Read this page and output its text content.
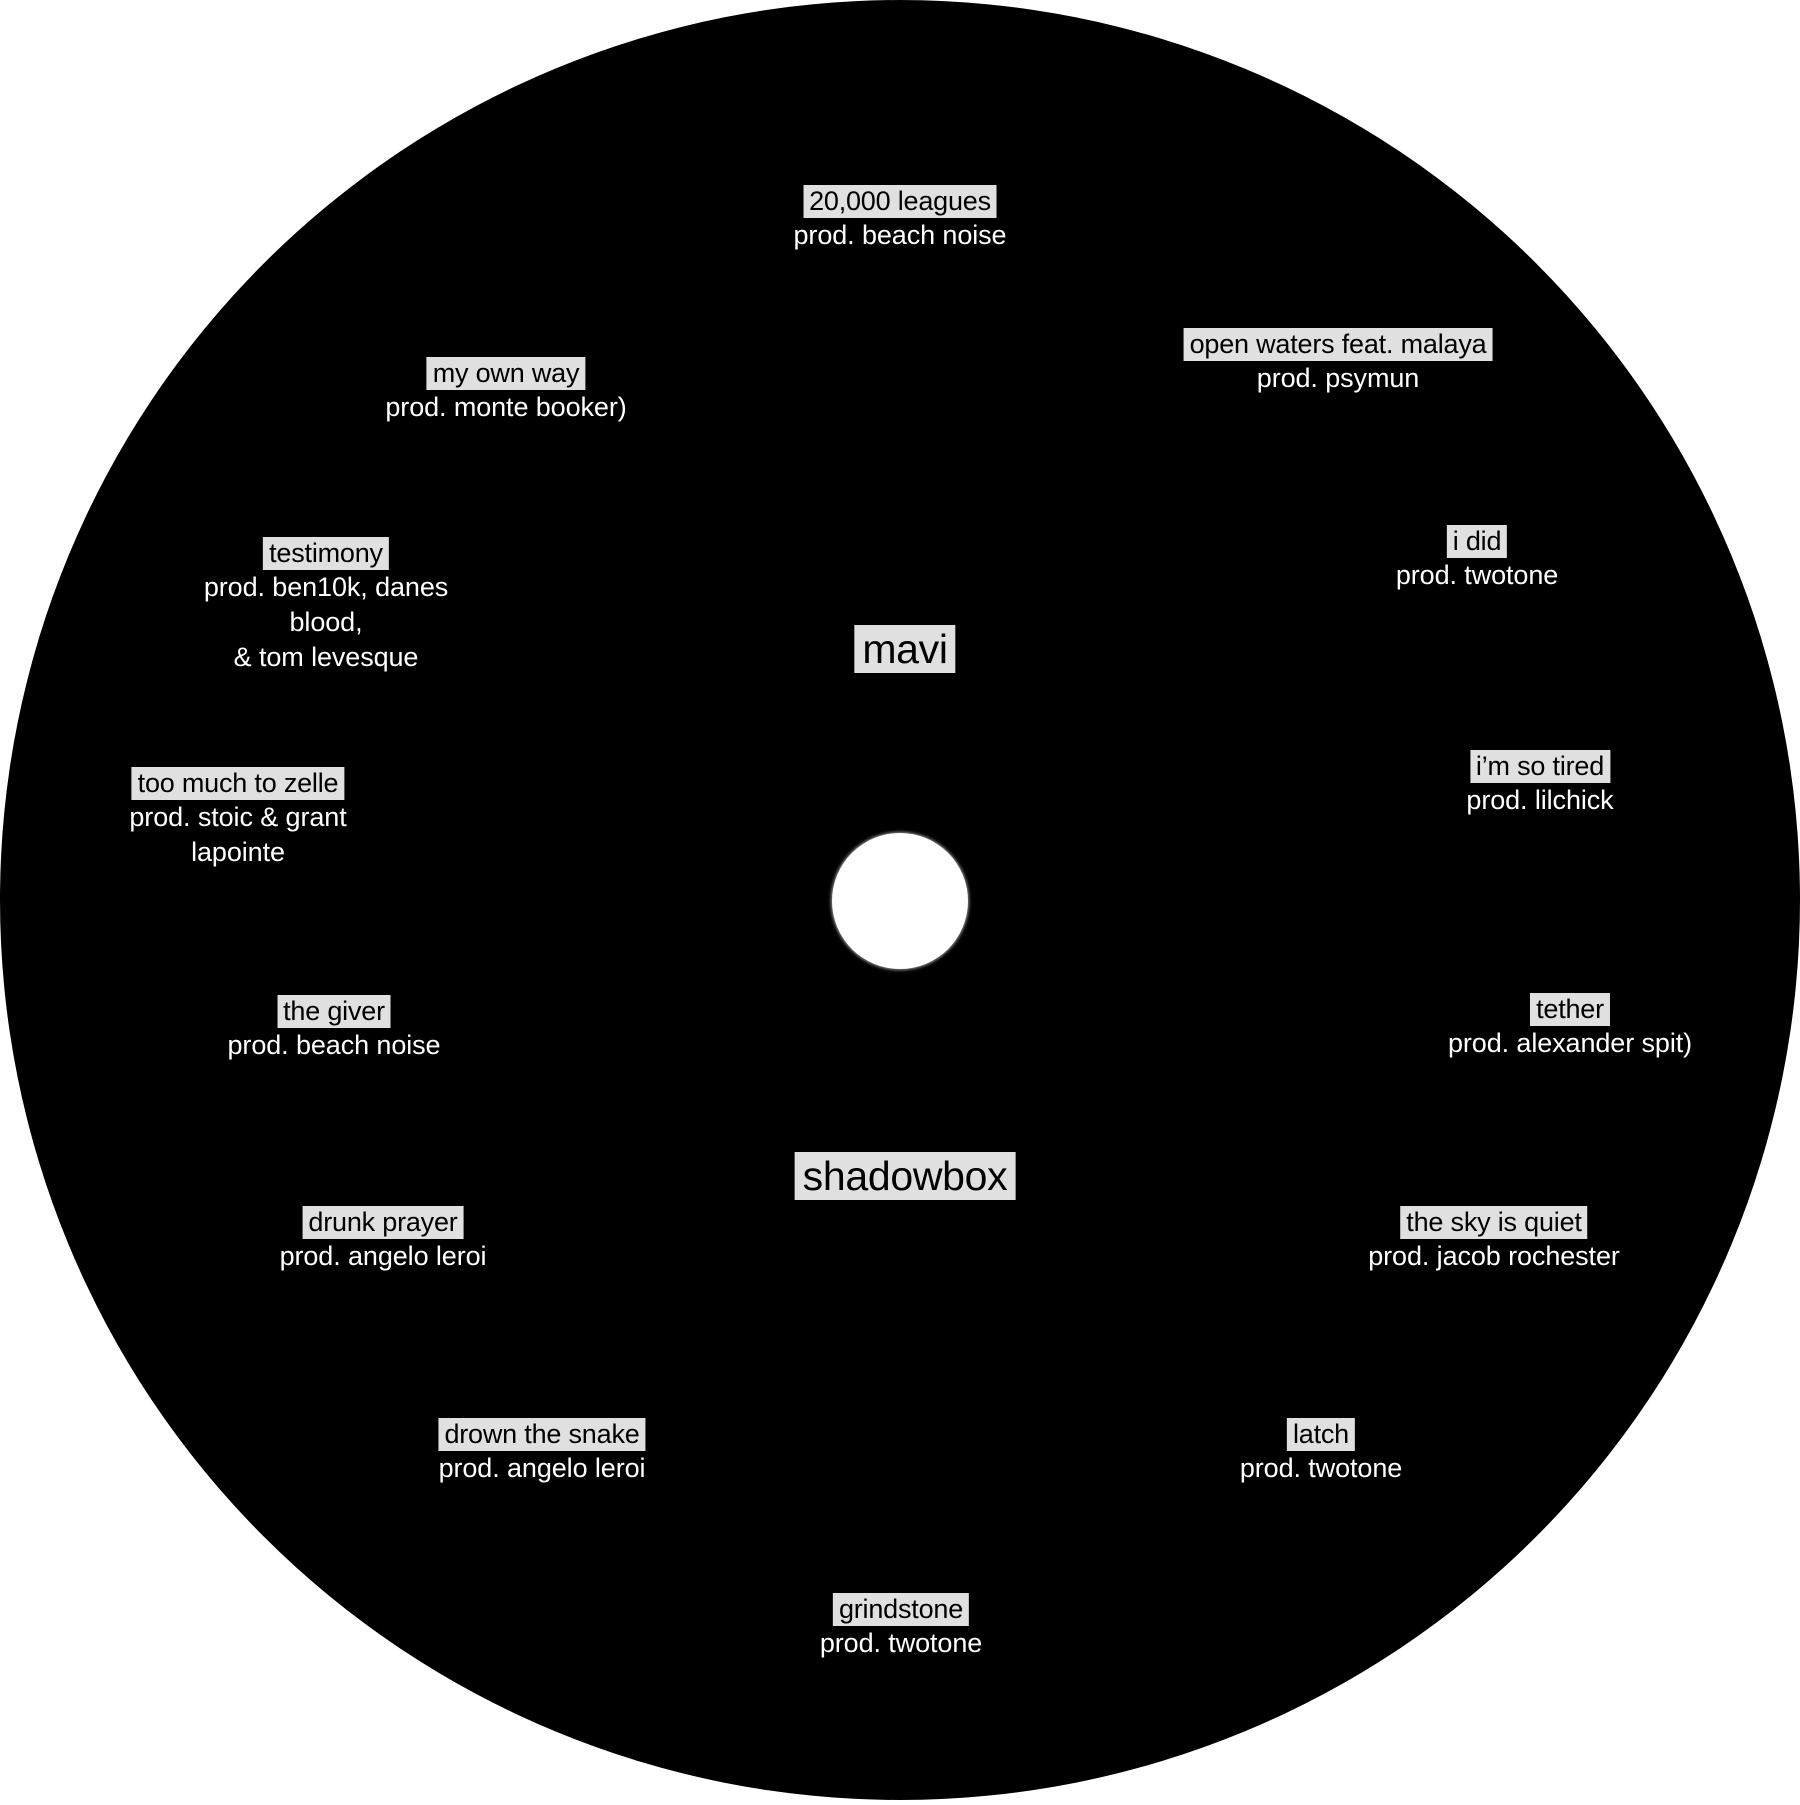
mavi
shadowbox
20,000 leagues
prod. beach noise
open waters feat. malaya
prod. psymun
i did
prod. twotone
i’m so tired
prod. lilchick
tether
prod. alexander spit)
the sky is quiet
prod. jacob rochester
latch
prod. twotone
grindstone
prod. twotone
drown the snake
prod. angelo leroi
drunk prayer
prod. angelo leroi
the giver
prod. beach noise
too much to zelle
prod. stoic & grant
lapointe
testimony
prod. ben10k, danes
blood,
& tom levesque
my own way
prod. monte booker)
